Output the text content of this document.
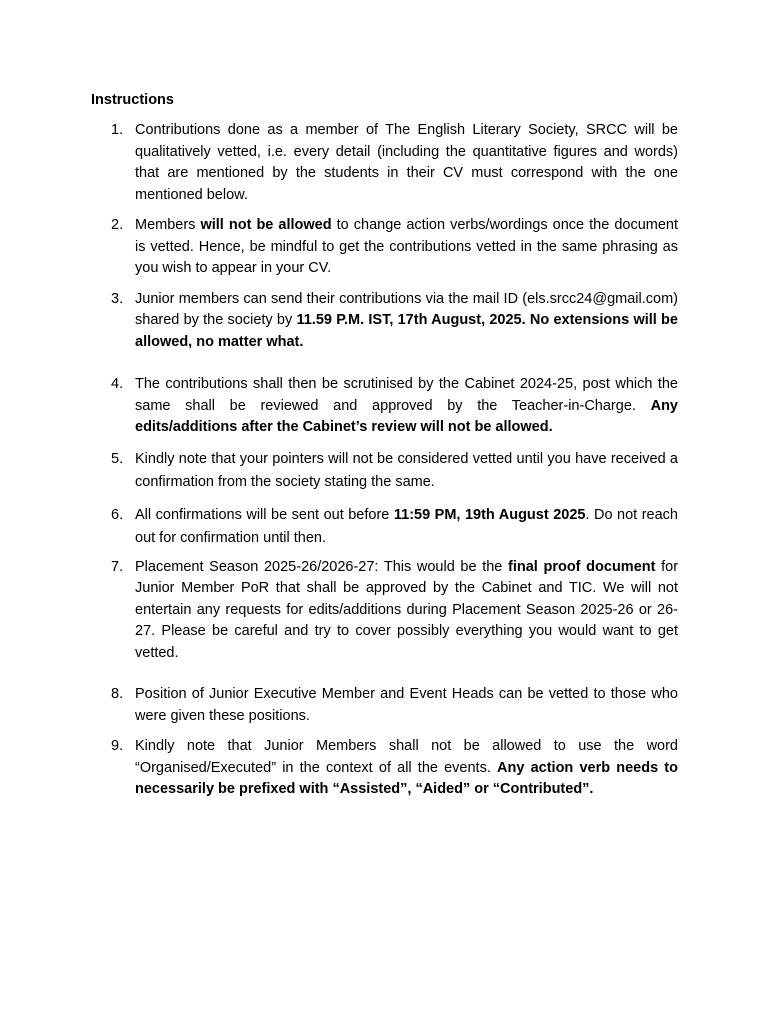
Instructions
1. Contributions done as a member of The English Literary Society, SRCC will be qualitatively vetted, i.e. every detail (including the quantitative figures and words) that are mentioned by the students in their CV must correspond with the one mentioned below.
2. Members will not be allowed to change action verbs/wordings once the document is vetted. Hence, be mindful to get the contributions vetted in the same phrasing as you wish to appear in your CV.
3. Junior members can send their contributions via the mail ID (els.srcc24@gmail.com) shared by the society by 11.59 P.M. IST, 17th August, 2025. No extensions will be allowed, no matter what.
4. The contributions shall then be scrutinised by the Cabinet 2024-25, post which the same shall be reviewed and approved by the Teacher-in-Charge. Any edits/additions after the Cabinet’s review will not be allowed.
5. Kindly note that your pointers will not be considered vetted until you have received a confirmation from the society stating the same.
6. All confirmations will be sent out before 11:59 PM, 19th August 2025. Do not reach out for confirmation until then.
7. Placement Season 2025-26/2026-27: This would be the final proof document for Junior Member PoR that shall be approved by the Cabinet and TIC. We will not entertain any requests for edits/additions during Placement Season 2025-26 or 26-27. Please be careful and try to cover possibly everything you would want to get vetted.
8. Position of Junior Executive Member and Event Heads can be vetted to those who were given these positions.
9. Kindly note that Junior Members shall not be allowed to use the word “Organised/Executed” in the context of all the events. Any action verb needs to necessarily be prefixed with “Assisted”, “Aided” or “Contributed”.
